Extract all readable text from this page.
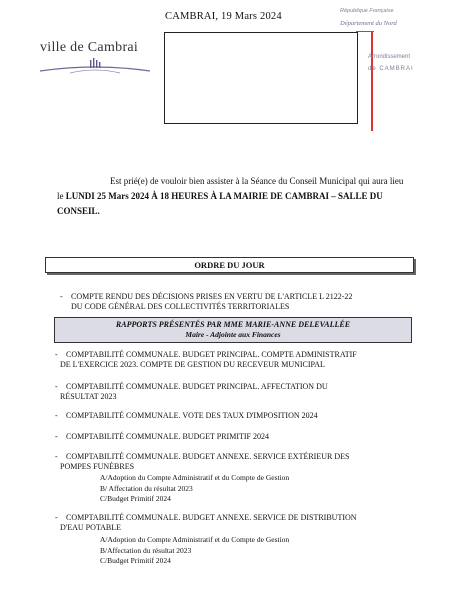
CAMBRAI, 19 Mars 2024
ville de Cambrai
République Française
Département du Nord
Arrondissement
de CAMBRAI

Est prié(e) de vouloir bien assister à la Séance du Conseil Municipal qui aura lieu

le LUNDI 25 Mars 2024 À 18 HEURES À LA MAIRIE DE CAMBRAI – SALLE DU

CONSEIL.

ORDRE DU JOUR
- COMPTE RENDU DES DÉCISIONS PRISES EN VERTU DE L'ARTICLE L 2122-22
DU CODE GÉNÉRAL DES COLLECTIVITÉS TERRITORIALES
RAPPORTS PRÉSENTÉS PAR MME MARIE-ANNE DELEVALLÉE
Maire - Adjointe aux Finances
- COMPTABILITÉ COMMUNALE. BUDGET PRINCIPAL. COMPTE ADMINISTRATIF
DE L'EXERCICE 2023. COMPTE DE GESTION DU RECEVEUR MUNICIPAL
- COMPTABILITÉ COMMUNALE. BUDGET PRINCIPAL. AFFECTATION DU
RÉSULTAT 2023
- COMPTABILITÉ COMMUNALE. VOTE DES TAUX D'IMPOSITION 2024
- COMPTABILITÉ COMMUNALE. BUDGET PRIMITIF 2024
- COMPTABILITÉ COMMUNALE. BUDGET ANNEXE. SERVICE EXTÉRIEUR DES
POMPES FUNÈBRES
A/Adoption du Compte Administratif et du Compte de Gestion
B/ Affectation du résultat 2023
C/Budget Primitif 2024
- COMPTABILITÉ COMMUNALE. BUDGET ANNEXE. SERVICE DE DISTRIBUTION
D'EAU POTABLE
A/Adoption du Compte Administratif et du Compte de Gestion
B/Affectation du résultat 2023
C/Budget Primitif 2024
